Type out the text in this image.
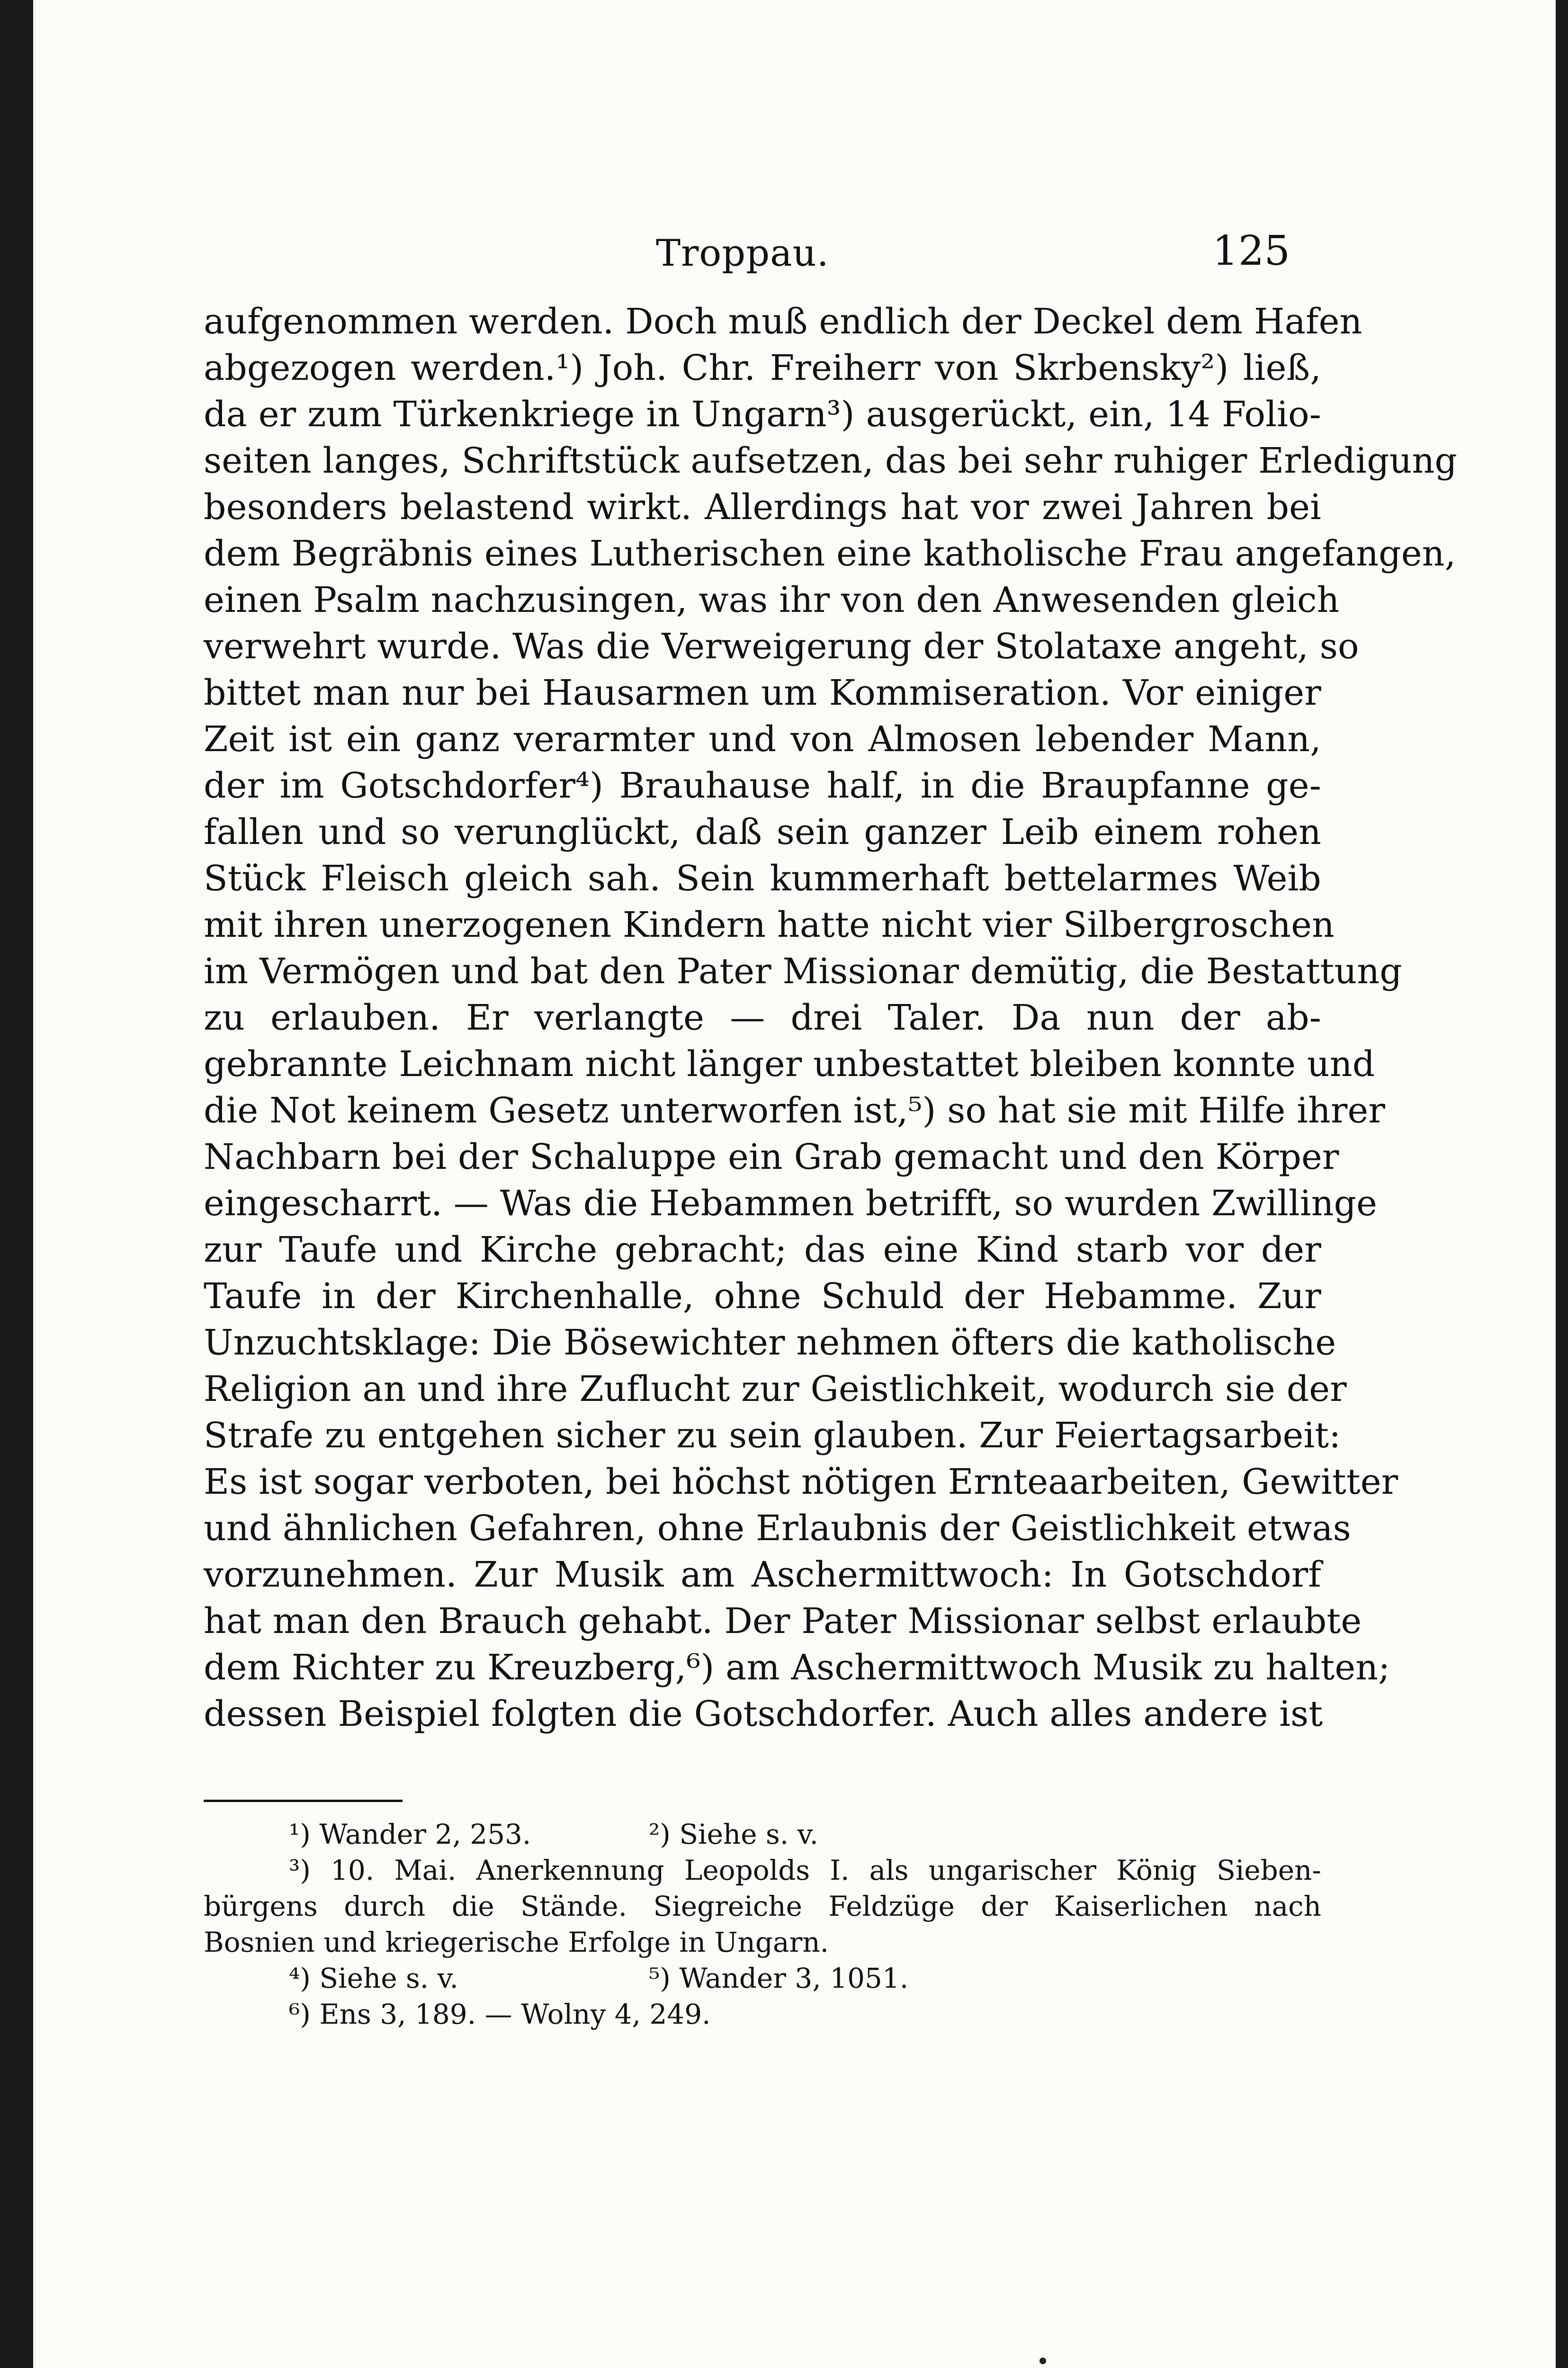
Troppau.	125
aufgenommen werden. Doch muß endlich der Deckel dem Hafen
abgezogen werden.¹) Joh. Chr. Freiherr von Skrbensky²) ließ,
da er zum Türkenkriege in Ungarn³) ausgerückt, ein, 14 Folio-
seiten langes, Schriftstück aufsetzen, das bei sehr ruhiger Erledigung
besonders belastend wirkt. Allerdings hat vor zwei Jahren bei
dem Begräbnis eines Lutherischen eine katholische Frau angefangen,
einen Psalm nachzusingen, was ihr von den Anwesenden gleich
verwehrt wurde. Was die Verweigerung der Stolataxe angeht, so
bittet man nur bei Hausarmen um Kommiseration. Vor einiger
Zeit ist ein ganz verarmter und von Almosen lebender Mann,
der im Gotschdorfer⁴) Brauhause half, in die Braupfanne ge-
fallen und so verunglückt, daß sein ganzer Leib einem rohen
Stück Fleisch gleich sah. Sein kummerhaft bettelarmes Weib
mit ihren unerzogenen Kindern hatte nicht vier Silbergroschen
im Vermögen und bat den Pater Missionar demütig, die Bestattung
zu erlauben. Er verlangte — drei Taler. Da nun der ab-
gebrannte Leichnam nicht länger unbestattet bleiben konnte und
die Not keinem Gesetz unterworfen ist,⁵) so hat sie mit Hilfe ihrer
Nachbarn bei der Schaluppe ein Grab gemacht und den Körper
eingescharrt. — Was die Hebammen betrifft, so wurden Zwillinge
zur Taufe und Kirche gebracht; das eine Kind starb vor der
Taufe in der Kirchenhalle, ohne Schuld der Hebamme. Zur
Unzuchtsklage: Die Bösewichter nehmen öfters die katholische
Religion an und ihre Zuflucht zur Geistlichkeit, wodurch sie der
Strafe zu entgehen sicher zu sein glauben. Zur Feiertagsarbeit:
Es ist sogar verboten, bei höchst nötigen Ernteaarbeiten, Gewitter
und ähnlichen Gefahren, ohne Erlaubnis der Geistlichkeit etwas
vorzunehmen. Zur Musik am Aschermittwoch: In Gotschdorf
hat man den Brauch gehabt. Der Pater Missionar selbst erlaubte
dem Richter zu Kreuzberg,⁶) am Aschermittwoch Musik zu halten;
dessen Beispiel folgten die Gotschdorfer. Auch alles andere ist
¹) Wander 2, 253.	²) Siehe s. v.
³) 10. Mai. Anerkennung Leopolds I. als ungarischer König Sieben-
bürgens durch die Stände. Siegreiche Feldzüge der Kaiserlichen nach
Bosnien und kriegerische Erfolge in Ungarn.
⁴) Siehe s. v.	⁵) Wander 3, 1051.
⁶) Ens 3, 189. — Wolny 4, 249.
